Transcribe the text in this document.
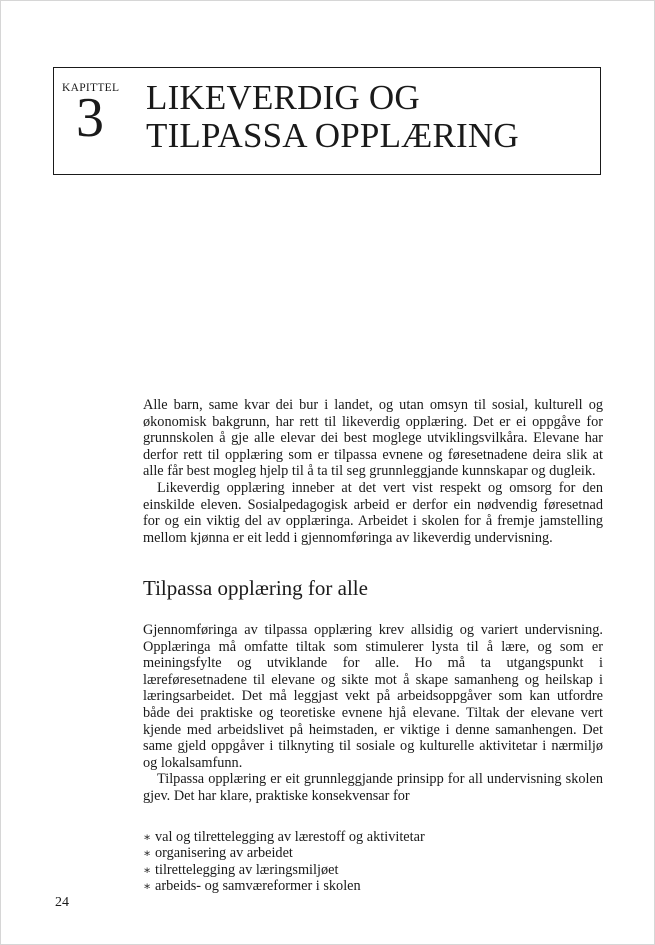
KAPITTEL
3 LIKEVERDIG OG
TILPASSA OPPLÆRING

Alle barn, same kvar dei bur i landet, og utan omsyn til sosial, kulturell og økonomisk bakgrunn, har rett til likeverdig opplæring. Det er ei oppgåve for grunnskolen å gje alle elevar dei best moglege utviklingsvilkåra. Elevane har derfor rett til opplæring som er tilpassa evnene og føresetnadene deira slik at alle får best mogleg hjelp til å ta til seg grunnleggjande kunnskapar og dugleik.

Likeverdig opplæring inneber at det vert vist respekt og omsorg for den einskilde eleven. Sosialpedagogisk arbeid er derfor ein nødvendig føresetnad for og ein viktig del av opplæringa. Arbeidet i skolen for å fremje jamstelling mellom kjønna er eit ledd i gjennomføringa av likeverdig undervisning.

Tilpassa opplæring for alle

Gjennomføringa av tilpassa opplæring krev allsidig og variert undervisning. Opplæringa må omfatte tiltak som stimulerer lysta til å lære, og som er meiningsfylte og utviklande for alle. Ho må ta utgangspunkt i læreføresetnadene til elevane og sikte mot å skape samanheng og heilskap i læringsarbeidet. Det må leggjast vekt på arbeidsoppgåver som kan utfordre både dei praktiske og teoretiske evnene hjå elevane. Tiltak der elevane vert kjende med arbeidslivet på heimstaden, er viktige i denne samanhengen. Det same gjeld oppgåver i tilknyting til sosiale og kulturelle aktivitetar i nærmiljø og lokalsamfunn.

Tilpassa opplæring er eit grunnleggjande prinsipp for all undervisning skolen gjev. Det har klare, praktiske konsekvensar for

∗ val og tilrettelegging av lærestoff og aktivitetar
∗ organisering av arbeidet
∗ tilrettelegging av læringsmiljøet
∗ arbeids- og samværeformer i skolen
24
